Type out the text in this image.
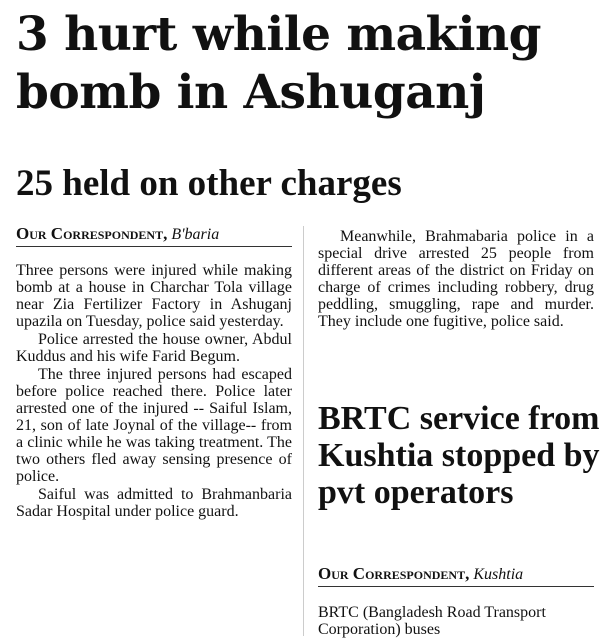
3 hurt while making
bomb in Ashuganj
25 held on other charges
Our Correspondent, B'baria

Three persons were injured while making bomb at a house in Charchar Tola village near Zia Fertilizer Factory in Ashuganj upazila on Tuesday, police said yesterday.

Police arrested the house owner, Abdul Kuddus and his wife Farid Begum.

The three injured persons had escaped before police reached there. Police later arrested one of the injured -- Saiful Islam, 21, son of late Joynal of the village-- from a clinic while he was taking treatment. The two others fled away sensing presence of police.

Saiful was admitted to Brahmanbaria Sadar Hospital under police guard.

Meanwhile, Brahmabaria police in a special drive arrested 25 people from different areas of the district on Friday on charge of crimes including robbery, drug peddling, smuggling, rape and murder. They include one fugitive, police said.

BRTC service from Kushtia stopped by pvt operators
Our Correspondent, Kushtia

BRTC (Bangladesh Road Transport Corporation) buses
